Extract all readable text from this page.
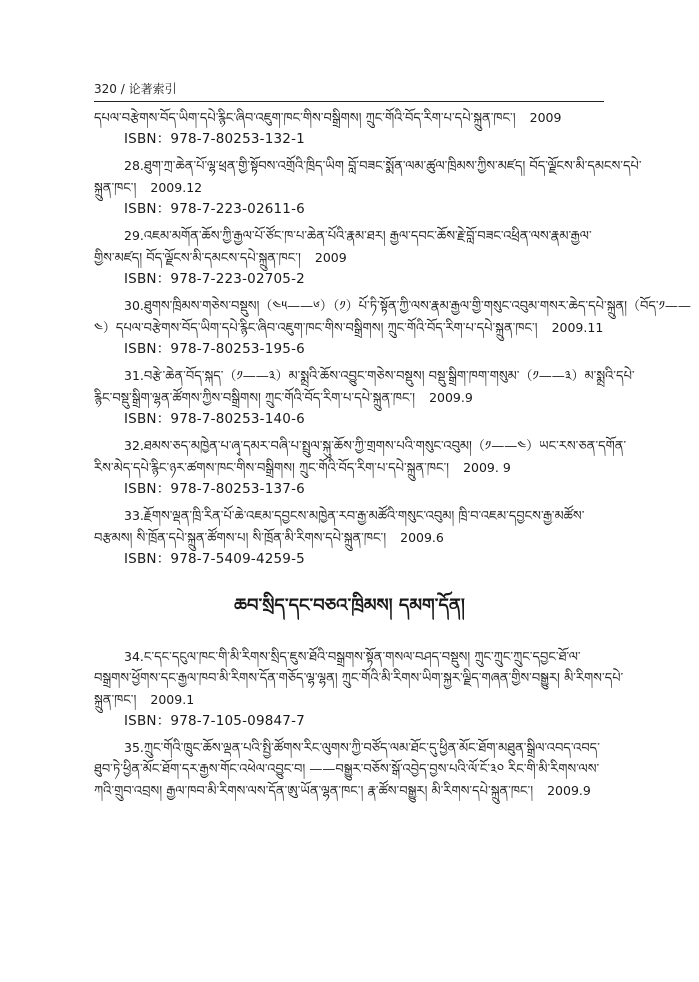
320 / 论著索引
དཔལ་བརྩེགས་བོད་ཡིག་དཔེ་རྙིང་ཞིབ་འཇུག་ཁང་གིས་བསྒྲིགས། ཀྲུང་གོའི་བོད་རིག་པ་དཔེ་སྐྲུན་ཁང་། 2009
ISBN：978-7-80253-132-1
28.ཐུག་ཀྲ་ཆེན་པོ་ལྷ་ཕྲན་གྱི་སྟོབས་འགྲོའི་ཁྲིད་ཡིག བློ་བཟང་སྨོན་ལམ་ཚུལ་ཁྲིམས་ཀྱིས་མཛད། བོད་ལྗོངས་མི་དམངས་དཔེ་
སྐྲུན་ཁང་། 2009.12
ISBN：978-7-223-02611-6
29.འཇམ་མགོན་ཆོས་ཀྱི་རྒྱལ་པོ་ཙོང་ཁ་པ་ཆེན་པོའི་རྣམ་ཐར། རྒྱལ་དབང་ཆོས་རྗེ་བློ་བཟང་འཕྲིན་ལས་རྣམ་རྒྱལ་
གྱིས་མཛད། བོད་ལྗོངས་མི་དམངས་དཔེ་སྐྲུན་ཁང་། 2009
ISBN：978-7-223-02705-2
30.ཐུགས་ཁྲིམས་གཅེས་བསྡུས།（༤༥——༦）（༡）པོ་ཏི་སྟོན་ཀྱི་ལས་རྣམ་རྒྱལ་གྱི་གསུང་འབུམ་གསར་ཆེད་དཔེ་སྐྲུན།（བོད་༡——
༤）དཔལ་བརྩེགས་བོད་ཡིག་དཔེ་རྙིང་ཞིབ་འཇུག་ཁང་གིས་བསྒྲིགས། ཀྲུང་གོའི་བོད་རིག་པ་དཔེ་སྐྲུན་ཁང་། 2009.11
ISBN：978-7-80253-195-6
31.བརྩེ་ཆེན་བོད་སྐད་（༡——༣）མ་སྨྲའི་ཆོས་འབྱུང་གཅེས་བསྡུས། བསྡུ་སྒྲིག་ཁག་གསུམ་（༡——༣）མ་སྨྲའི་དཔེ་
རྙིང་བསྡུ་སྒྲིག་ལྷན་ཚོགས་ཀྱིས་བསྒྲིགས། ཀྲུང་གོའི་བོད་རིག་པ་དཔེ་སྐྲུན་ཁང་། 2009.9
ISBN：978-7-80253-140-6
32.ཐམས་ཅད་མཁྱེན་པ་ཞྭ་དམར་བཞི་པ་སྤྲུལ་སྐུ་ཆོས་ཀྱི་གྲགས་པའི་གསུང་འབུམ།（༡——༤）ཡང་རས་ཅན་དགོན་
རིས་མེད་དཔེ་རྙིང་ཉར་ཚགས་ཁང་གིས་བསྒྲིགས། ཀྲུང་གོའི་བོད་རིག་པ་དཔེ་སྐྲུན་ཁང་། 2009. 9
ISBN：978-7-80253-137-6
33.རྗོགས་ལྡན་ཁྲི་རིན་པོ་ཆེ་འཇམ་དབྱངས་མཁྱེན་རབ་རྒྱ་མཚོའི་གསུང་འབུམ། ཁྲི་བ་འཇམ་དབྱངས་རྒྱ་མཚོས་
བརྩམས། སི་ཁྲོན་དཔེ་སྐྲུན་ཚོགས་པ། སི་ཁྲོན་མི་རིགས་དཔེ་སྐྲུན་ཁང་། 2009.6
ISBN：978-7-5409-4259-5
ཆབ་སྲིད་དང་བཅའ་ཁྲིམས། དམག་དོན།
34.ང་དང་དངུལ་ཁང་གི་མི་རིགས་སྲིད་ཇུས་ཐོའི་བསྒྲགས་སྟོན་གསལ་བཤད་བསྡུས། ཀྲུང་ཀྲུང་ཀྲུང་དབྱང་ཐོ་ལ་
བསྒྲགས་ཕྱོགས་དང་རྒྱལ་ཁབ་མི་རིགས་དོན་གཅོད་ལྷ་ལྷན། ཀྲུང་གོའི་མི་རིགས་ཡིག་སྐྱར་ལྗིད་གཞན་གྱིས་བསྒྱུར། མི་རིགས་དཔེ་
སྐྲུན་ཁང་། 2009.1
ISBN：978-7-105-09847-7
35.ཀྲུང་གོའི་ཁྲུང་ཆོས་ལྡན་པའི་སྤྱི་ཚོགས་རིང་ལུགས་ཀྱི་བཙོད་ལམ་ཐོང་དུ་ཕྱིན་མོང་ཐོག་མཐུན་སྒྲིལ་འབད་འབད་
ཐུབ་ཏེ་ཕྱིན་མོང་ཐོག་དར་རྒྱས་གོང་འཕེལ་འབྱུང་བ། ——བསྒྱུར་བཅོས་སྒོ་འབྱེད་བྱས་པའི་ལོ་ངོ་༣༠ རིང་གི་མི་རིགས་ལས་
ཀའི་གྲུབ་འབྲས། རྒྱལ་ཁབ་མི་རིགས་ལས་དོན་ཨུ་ཡོན་ལྷན་ཁང་། རྣ་ཚོས་བསྒྱུར། མི་རིགས་དཔེ་སྐྲུན་ཁང་། 2009.9
